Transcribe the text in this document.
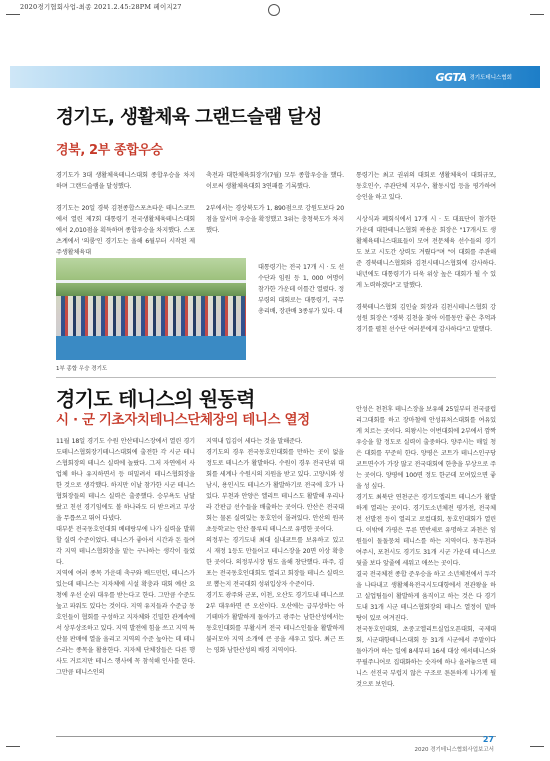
2020경기협회사업-최종 2021.2.45:28PM 페이지27
GGTA 경기도테니스협회
경기도, 생활체육 그랜드슬램 달성
경북, 2부 종합우승

경기도가 3대 생활체육테니스대회 종합우승을 차지하며 그랜드슬램을 달성했다.

경기도는 20일 경북 김천종합스포츠타운 테니스코트에서 열린 제7회 대통령기 전국생활체육테니스대회에서 2,010점을 획득하며 종합우승을 차지했다. 스포츠계에서 '의룸'인 경기도는 올해 6월부터 시작된 제주생활체육대

축전과 대한체육회장기(7월) 모두 종합우승을 했다. 이로써 생활체육대회 3연패를 기록했다.

2부에서는 경상북도가 1, 890점으로 강원도보다 20점을 앞서며 우승을 확정했고 3위는 충청북도가 차지했다.

대통령기는 전국 17개 시 · 도 선수단과 임원 등 1, 000 여명이 참가한 가운데 이틀간 열렸다. 정부령의 대회로는 대통령기, 국무총리배, 장관배 3종류가 있다. 대

통령기는 최고 권위의 대회로 생활체육이 대회규모, 동호인수, 주관단체 지부수, 활동시업 등을 평가하여 승인을 하고 있다.

시상식과 폐회식에서 17개 시 · 도 대표단이 참가한 가운데 대한테니스협회 곽용운 회장은 "17개시도 생활체육테니스대표들이 모여 전문체육 선수들의 경기도 보고 시도간 상력도 겨뤘다"며 "이 대회를 주관해준 경북테니스협회와 김천시테니스협회에 감사하다. 내년에도 대통령기가 더욱 위상 높은 대회가 될 수 있게 노력하겠다"고 말했다.

경북테니스협회 김인술 회장과 김천시테니스협회 강성원 회장은 "경북 김천을 찾아 이틀동안 좋은 추억과 경기를 펼친 선수단 여러분에게 감사하다"고 말했다.

1부 종합 우승 경기도
경기도 테니스의 원동력
시 · 군 기초자치테니스단체장의 테니스 열정

11월 18일 경기도 수원 안산테니스장에서 열린 경기도테니스협회장기테니스대회에 출전한 각 시군 테니스협회장의 테니스 실력에 놀랐다. 그저 자연에서 사업체 하나 유지하면서 등 떠밀려서 테니스협회장을 한 것으로 생각했다. 하지만 이날 참가한 시군 테니스협회장들의 테니스 실력은 출중했다. 승부욕도 남달랐고 친선 경기임에도 볼 하나라도 더 받으려고 부상을 무릅쓰고 뛰어 다녔다.

대부분 전국동호인대회 베테랑부에 나가 실력을 발휘할 실력 수준이었다. 테니스가 좋아서 시간과 돈 들여 각 지역 테니스협회장을 맡는 구나하는 생각이 들었다.

지역에 여러 종목 가운데 축구와 배드민턴, 테니스가 있는데 테니스는 지자체에 시설 확충과 대회 예산 요청에 우선 순위 대우를 받는다고 한다. 그만큼 수준도 높고 파워도 있다는 것이다. 지역 유지들과 수준급 동호인들이 협회를 구성하고 지자체와 긴밀한 관계속에서 상부상조하고 있다. 지역 발전에 힘을 쓰고 지역 특산물 판매에 열을 올리고 지역의 수준 높아는 데 테니스라는 종목을 활용한다. 지자체 단체장들은 다른 행사도 거르지만 테니스 행사에 꼭 참석해 인사를 한다. 그만큼 테니스인의

지역내 입김이 세다는 것을 말해준다.

경기도의 경우 전국동호인대회를 만하는 곳이 없을 정도로 테니스가 활발하다. 수원이 경우 전국단위 대회를 세계나 수원시의 지원을 받고 있다. 고양시와 성남시, 용인시도 테니스가 활발하기로 전국에 호가 나있다. 부천과 안양은 엘리트 테니스도 활발해 우리나라 간판급 선수들을 배출하는 곳이다. 안산은 전국대회는 물론 실력있는 동호인이 몰려있다. 안산의 원곡초등학교는 안산 플루티 테니스로 유명한 곳이다.

의정부는 경기도내 최대 실내코트를 보유하고 있고 시 재정 1등도 만들어고 테니스장을 20면 이상 확충한 곳이다. 의정부시장 팀도 올해 창단했다. 파주, 김포는 전국동호인대회도 열리고 회장들 테니스 실력으로 뽑는지 전국대회 성위입상자 수준이다.

경기도 광주와 군포, 이천, 오산도 경기도내 테니스로 2부 대우하면 큰 오산이다. 오산에는 급부상하는 아기테마가 활발하게 돌아가고 광주는 남한산성에서는 동호인대회를 부활시켜 전국 테니스인들을 활발하게 불러모아 지역 소개에 큰 공을 세우고 있다. 최근 뜨는 영화 남한산성의 배경 지역이다.

안성은 천천후 테니스장을 보유해 25일부터 전국클럽리그대회를 하고 장마철에 안성퓨처스대회를 여유있게 치르는 곳이다. 의왕시는 이번대회에 2부에서 깜짝 우승을 할 정도로 실력이 출중하다. 양주시는 매일 청은 대회를 꾸준히 한다. 양평은 코트가 테니스인구당 코트면수가 가장 많고 전국대회에 한층을 부상으로 주는 곳이다. 양평에 100면 정도 한군데 모여있으면 좋을 성 싶다.

경기도 최북단 연천군은 경기도엘리트 테니스가 활발하게 열리는 곳이다. 경기도소년체전 평가전, 전국체전 선발전 등이 열리고 로컬대회, 동호인대회가 열린다. 이밖에 가평은 무른 면반세로 유명하고 과천은 임원들이 돌돌뭉쳐 테니스를 하는 지역이다. 동두천과 여주시, 포천시도 경기도 31개 시군 가운데 테니스로 뒷줄 보다 앞줄에 세워고 애쓰는 곳이다.

결국 전국체전 종합 준우승을 하고 소년체전에서 두각을 나타내고 생활체육전국시도대항에서 전관왕을 하고 실업팀들이 활발하게 움직이고 하는 것은 다 경기도내 31개 시군 테니스협회장의 테니스 열정이 밑바탕이 있로 여겨진다.

전국동호인대회, 초중고엘리트실업오픈대회, 국제대회, 시군대항테니스대회 등 31개 시군에서 주말이다 돌아가며 하는 일에 8세부터 16세 대상 에서테니스와 꾸필주니어로 집대화하는 숫자에 하나 올려놓으면 테니스 선진국 부럽지 않은 구조로 튼튼하게 나가게 될 것으로 보인다.

27
2020 경기테니스협회사업보고서
